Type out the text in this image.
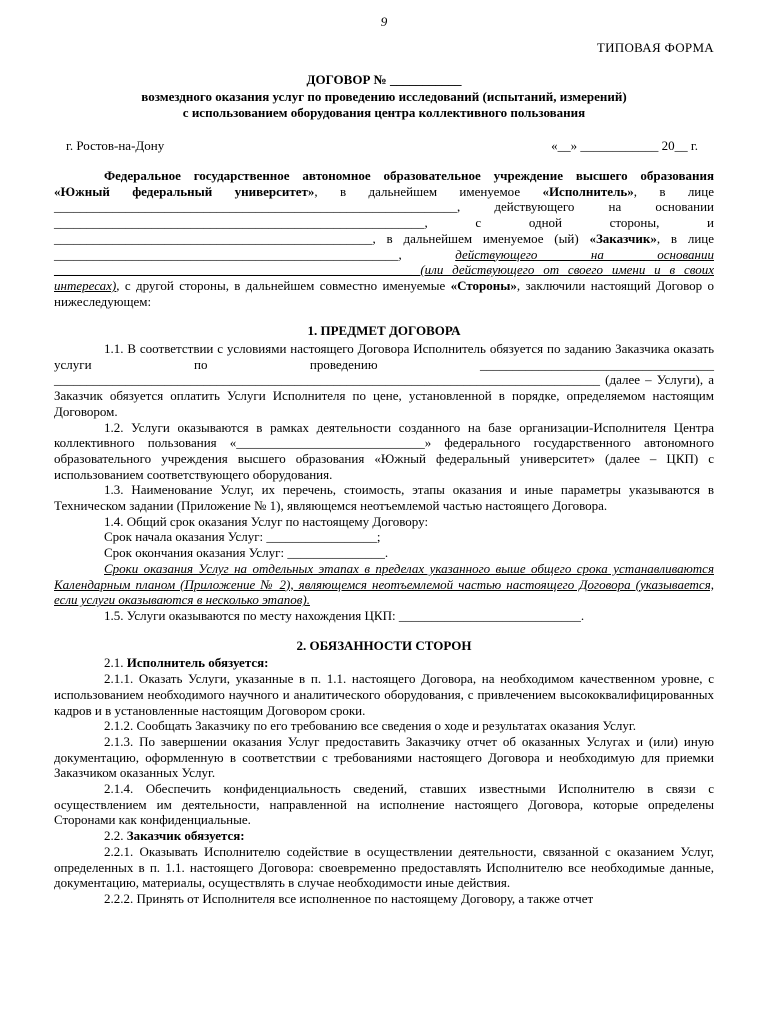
9
ТИПОВАЯ ФОРМА
ДОГОВОР № ___________
возмездного оказания услуг по проведению исследований (испытаний, измерений)
с использованием оборудования центра коллективного пользования
г. Ростов-на-Дону	«__» ____________ 20__ г.

Федеральное государственное автономное образовательное учреждение высшего образования «Южный федеральный университет», в дальнейшем именуемое «Исполнитель», в лице ______________________________________________________________, действующего на основании _________________________________________________________, с одной стороны, и _________________________________________________, в дальнейшем именуемое (ый) «Заказчик», в лице _____________________________________________________, действующего на основании _______________________________________________________ (или действующего от своего имени и в своих интересах), с другой стороны, в дальнейшем совместно именуемые «Стороны», заключили настоящий Договор о нижеследующем:

1. ПРЕДМЕТ ДОГОВОРА

1.1. В соответствии с условиями настоящего Договора Исполнитель обязуется по заданию Заказчика оказать услуги по проведению ____________________________________ ____________________________________________________________________________________ (далее – Услуги), а Заказчик обязуется оплатить Услуги Исполнителя по цене, установленной в порядке, определяемом настоящим Договором.

1.2. Услуги оказываются в рамках деятельности созданного на базе организации-Исполнителя Центра коллективного пользования «_____________________________» федерального государственного автономного образовательного учреждения высшего образования «Южный федеральный университет» (далее – ЦКП) с использованием соответствующего оборудования.

1.3. Наименование Услуг, их перечень, стоимость, этапы оказания и иные параметры указываются в Техническом задании (Приложение № 1), являющемся неотъемлемой частью настоящего Договора.

1.4. Общий срок оказания Услуг по настоящему Договору:

Срок начала оказания Услуг: _________________;

Срок окончания оказания Услуг: _______________.

Сроки оказания Услуг на отдельных этапах в пределах указанного выше общего срока устанавливаются Календарным планом (Приложение № 2), являющемся неотъемлемой частью настоящего Договора (указывается, если услуги оказываются в несколько этапов).

1.5. Услуги оказываются по месту нахождения ЦКП: ____________________________.

2. ОБЯЗАННОСТИ СТОРОН

2.1. Исполнитель обязуется:

2.1.1. Оказать Услуги, указанные в п. 1.1. настоящего Договора, на необходимом качественном уровне, с использованием необходимого научного и аналитического оборудования, с привлечением высококвалифицированных кадров и в установленные настоящим Договором сроки.

2.1.2. Сообщать Заказчику по его требованию все сведения о ходе и результатах оказания Услуг.

2.1.3. По завершении оказания Услуг предоставить Заказчику отчет об оказанных Услугах и (или) иную документацию, оформленную в соответствии с требованиями настоящего Договора и необходимую для приемки Заказчиком оказанных Услуг.

2.1.4. Обеспечить конфиденциальность сведений, ставших известными Исполнителю в связи с осуществлением им деятельности, направленной на исполнение настоящего Договора, которые определены Сторонами как конфиденциальные.

2.2. Заказчик обязуется:

2.2.1. Оказывать Исполнителю содействие в осуществлении деятельности, связанной с оказанием Услуг, определенных в п. 1.1. настоящего Договора: своевременно предоставлять Исполнителю все необходимые данные, документацию, материалы, осуществлять в случае необходимости иные действия.

2.2.2. Принять от Исполнителя все исполненное по настоящему Договору, а также отчет
